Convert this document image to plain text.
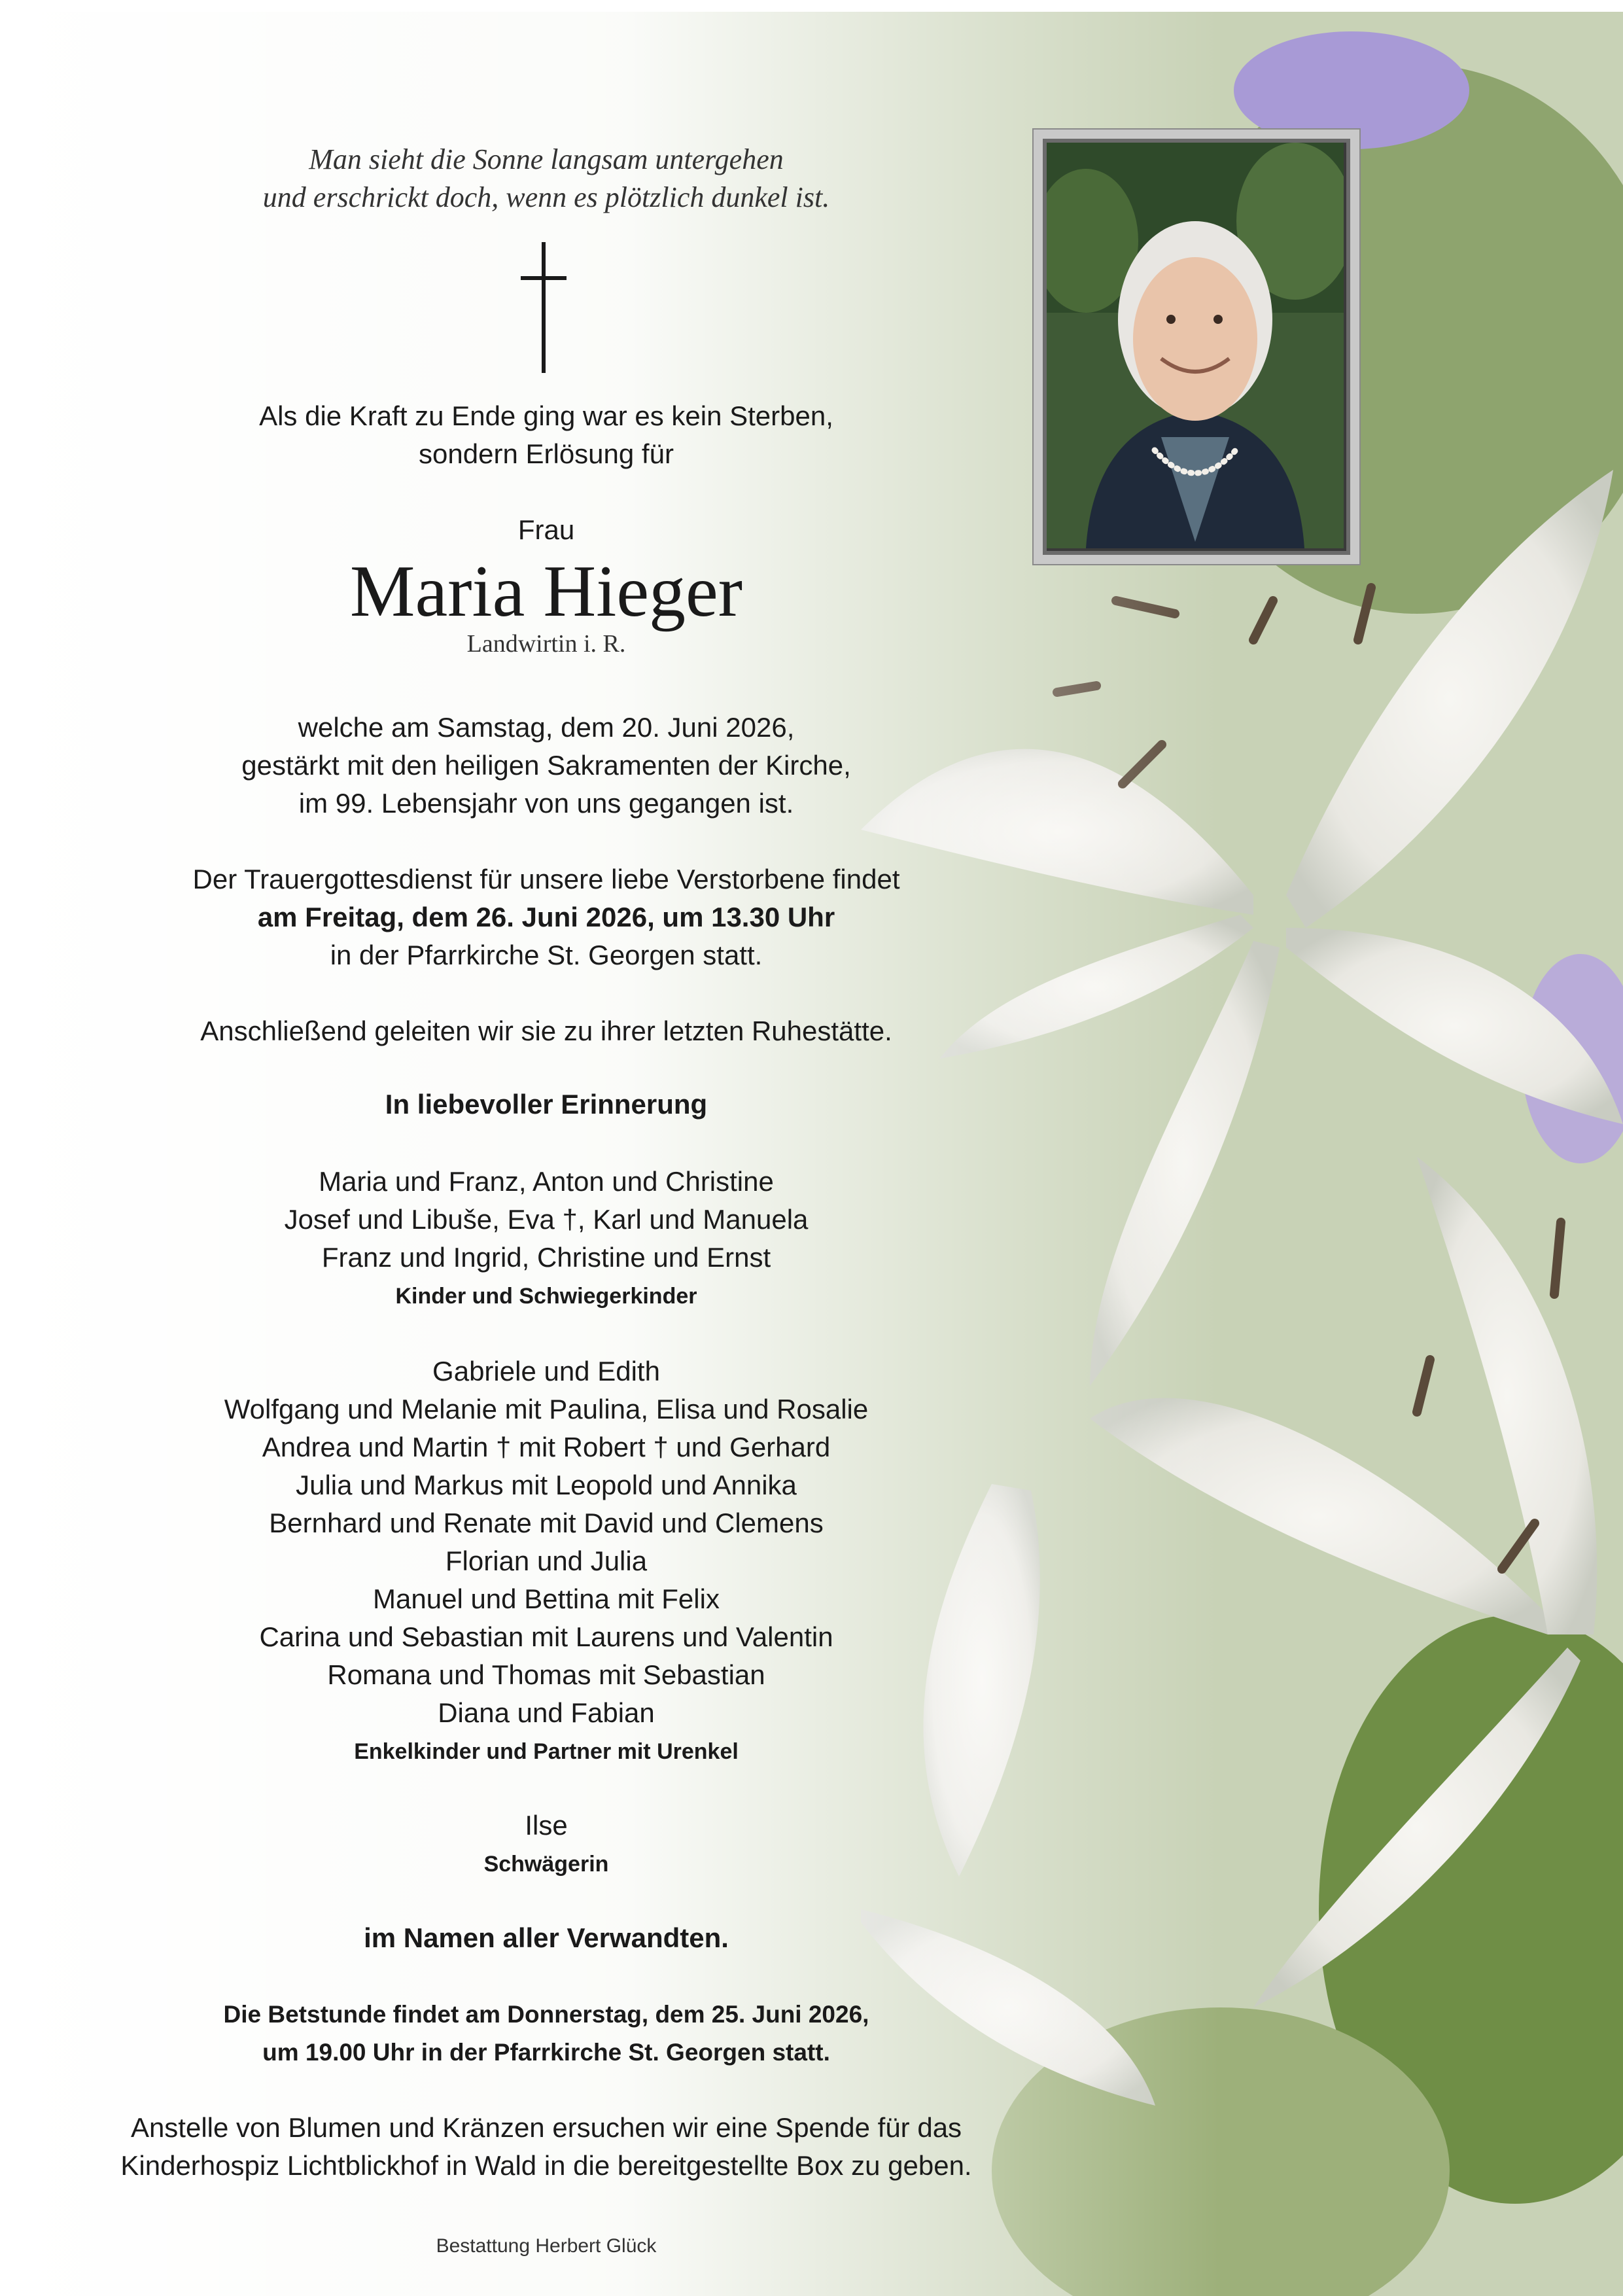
Man sieht die Sonne langsam untergehen
und erschrickt doch, wenn es plötzlich dunkel ist.
Als die Kraft zu Ende ging war es kein Sterben,
sondern Erlösung für
Frau
Maria Hieger
Landwirtin i. R.
welche am Samstag, dem 20. Juni 2026,
gestärkt mit den heiligen Sakramenten der Kirche,
im 99. Lebensjahr von uns gegangen ist.
Der Trauergottesdienst für unsere liebe Verstorbene findet
am Freitag, dem 26. Juni 2026, um 13.30 Uhr
in der Pfarrkirche St. Georgen statt.
Anschließend geleiten wir sie zu ihrer letzten Ruhestätte.
In liebevoller Erinnerung
Maria und Franz, Anton und Christine
Josef und Libuše, Eva †, Karl und Manuela
Franz und Ingrid, Christine und Ernst
Kinder und Schwiegerkinder
Gabriele und Edith
Wolfgang und Melanie mit Paulina, Elisa und Rosalie
Andrea und Martin † mit Robert † und Gerhard
Julia und Markus mit Leopold und Annika
Bernhard und Renate mit David und Clemens
Florian und Julia
Manuel und Bettina mit Felix
Carina und Sebastian mit Laurens und Valentin
Romana und Thomas mit Sebastian
Diana und Fabian
Enkelkinder und Partner mit Urenkel
Ilse
Schwägerin
im Namen aller Verwandten.
Die Betstunde findet am Donnerstag, dem 25. Juni 2026,
um 19.00 Uhr in der Pfarrkirche St. Georgen statt.
Anstelle von Blumen und Kränzen ersuchen wir eine Spende für das
Kinderhospiz Lichtblickhof in Wald in die bereitgestellte Box zu geben.
Bestattung Herbert Glück
